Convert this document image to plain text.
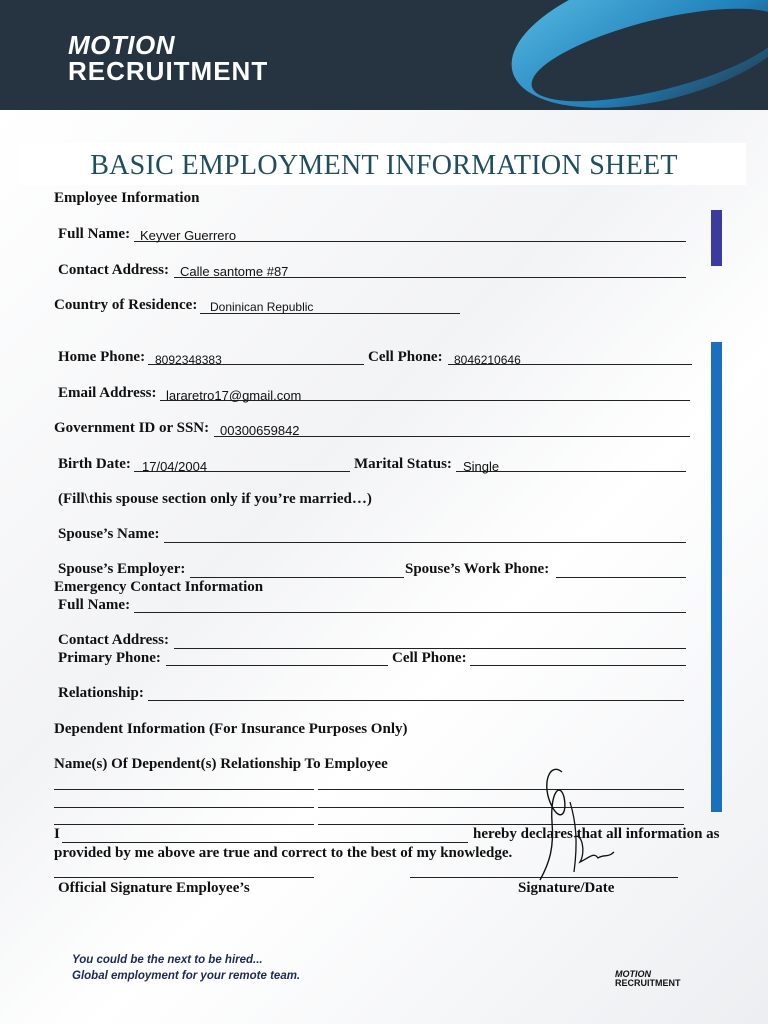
MOTION
RECRUITMENT
BASIC EMPLOYMENT INFORMATION SHEET
Employee Information
Full Name: Keyver Guerrero
Contact Address: Calle santome #87
Country of Residence: Doninican Republic
Home Phone: 8092348383	Cell Phone: 8046210646
Email Address: lararetro17@gmail.com
Government ID or SSN: 00300659842
Birth Date: 17/04/2004	Marital Status: Single
(Fill\this spouse section only if you’re married…)
Spouse’s Name:
Spouse’s Employer:	Spouse’s Work Phone:
Emergency Contact Information
Full Name:
Contact Address:
Primary Phone:	Cell Phone:
Relationship:
Dependent Information (For Insurance Purposes Only)
Name(s) Of Dependent(s) Relationship To Employee
I	hereby declares that all information as
provided by me above are true and correct to the best of my knowledge.
Official Signature Employee’s	Signature/Date
You could be the next to be hired...
Global employment for your remote team.	MOTION
RECRUITMENT
